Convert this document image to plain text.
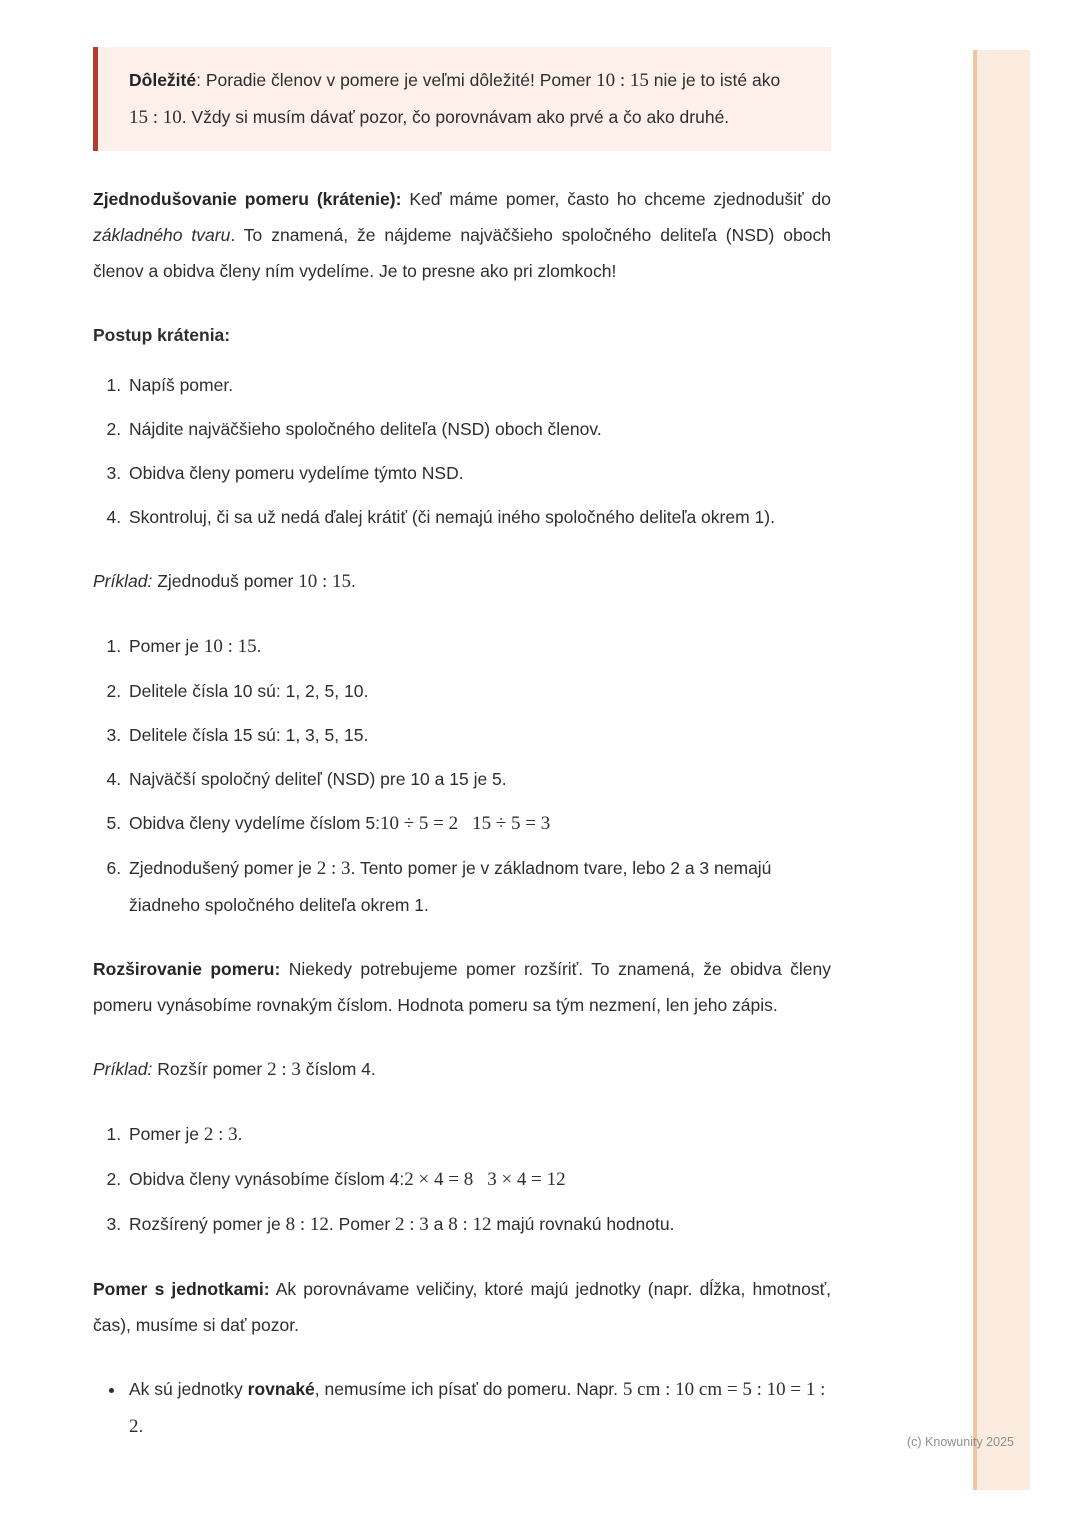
Dôležité: Poradie členov v pomere je veľmi dôležité! Pomer 10 : 15 nie je to isté ako 15 : 10. Vždy si musím dávať pozor, čo porovnávam ako prvé a čo ako druhé.

Zjednodušovanie pomeru (krátenie): Keď máme pomer, často ho chceme zjednodušiť do základného tvaru. To znamená, že nájdeme najväčšieho spoločného deliteľa (NSD) oboch členov a obidva členy ním vydelíme. Je to presne ako pri zlomkoch!

Postup krátenia:

1. Napíš pomer.
2. Nájdite najväčšieho spoločného deliteľa (NSD) oboch členov.
3. Obidva členy pomeru vydelíme týmto NSD.
4. Skontroluj, či sa už nedá ďalej krátiť (či nemajú iného spoločného deliteľa okrem 1).

Príklad: Zjednoduš pomer 10 : 15.

1. Pomer je 10 : 15.
2. Delitele čísla 10 sú: 1, 2, 5, 10.
3. Delitele čísla 15 sú: 1, 3, 5, 15.
4. Najväčší spoločný deliteľ (NSD) pre 10 a 15 je 5.
5. Obidva členy vydelíme číslom 5:10 ÷ 5 = 2 15 ÷ 5 = 3
6. Zjednodušený pomer je 2 : 3. Tento pomer je v základnom tvare, lebo 2 a 3 nemajú žiadneho spoločného deliteľa okrem 1.

Rozširovanie pomeru: Niekedy potrebujeme pomer rozšíriť. To znamená, že obidva členy pomeru vynásobíme rovnakým číslom. Hodnota pomeru sa tým nezmení, len jeho zápis.

Príklad: Rozšír pomer 2 : 3 číslom 4.

1. Pomer je 2 : 3.
2. Obidva členy vynásobíme číslom 4:2 × 4 = 8 3 × 4 = 12
3. Rozšírený pomer je 8 : 12. Pomer 2 : 3 a 8 : 12 majú rovnakú hodnotu.

Pomer s jednotkami: Ak porovnávame veličiny, ktoré majú jednotky (napr. dĺžka, hmotnosť, čas), musíme si dať pozor.

• Ak sú jednotky rovnaké, nemusíme ich písať do pomeru. Napr. 5 cm : 10 cm = 5 : 10 = 1 : 2.
(c) Knowunity 2025
